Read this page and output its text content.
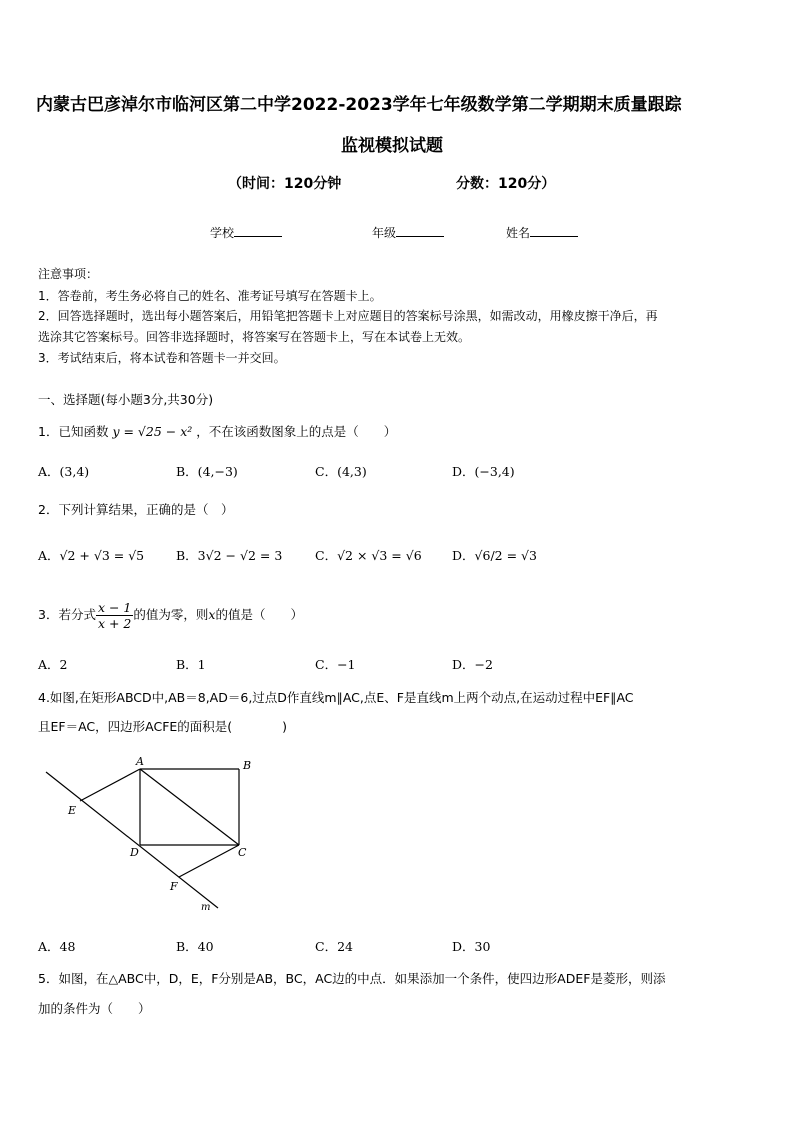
内蒙古巴彦淖尔市临河区第二中学2022-2023学年七年级数学第二学期期末质量跟踪
监视模拟试题
（时间：120分钟	分数：120分）
学校	年级	姓名
注意事项：
1．答卷前，考生务必将自己的姓名、准考证号填写在答题卡上。
2．回答选择题时，选出每小题答案后，用铅笔把答题卡上对应题目的答案标号涂黑，如需改动，用橡皮擦干净后，再
选涂其它答案标号。回答非选择题时，将答案写在答题卡上，写在本试卷上无效。
3．考试结束后，将本试卷和答题卡一并交回。
一、选择题(每小题3分,共30分)
1．已知函数 y = √25 − x² ，不在该函数图象上的点是（　　）
A．(3,4)	B．(4,−3)	C．(4,3)	D．(−3,4)
2．下列计算结果，正确的是（　）
A．√2 + √3 = √5	B．3√2 − √2 = 3	C．√2 × √3 = √6 D．√6/2 = √3
3．若分式 $\frac{x - 1}{x + 2}$ 的值为零，则x的值是（　　）
A．2	B．1	C．−1	D．−2
4.如图,在矩形ABCD中,AB＝8,AD＝6,过点D作直线m∥AC,点E、F是直线m上两个动点,在运动过程中EF∥AC
且EF＝AC，四边形ACFE的面积是(　　　　)
A	B
C
D
E
F
m
A．48	B．40	C．24	D．30
5．如图，在△ABC中，D，E，F分别是AB，BC，AC边的中点．如果添加一个条件，使四边形ADEF是菱形，则添
加的条件为（　　）
